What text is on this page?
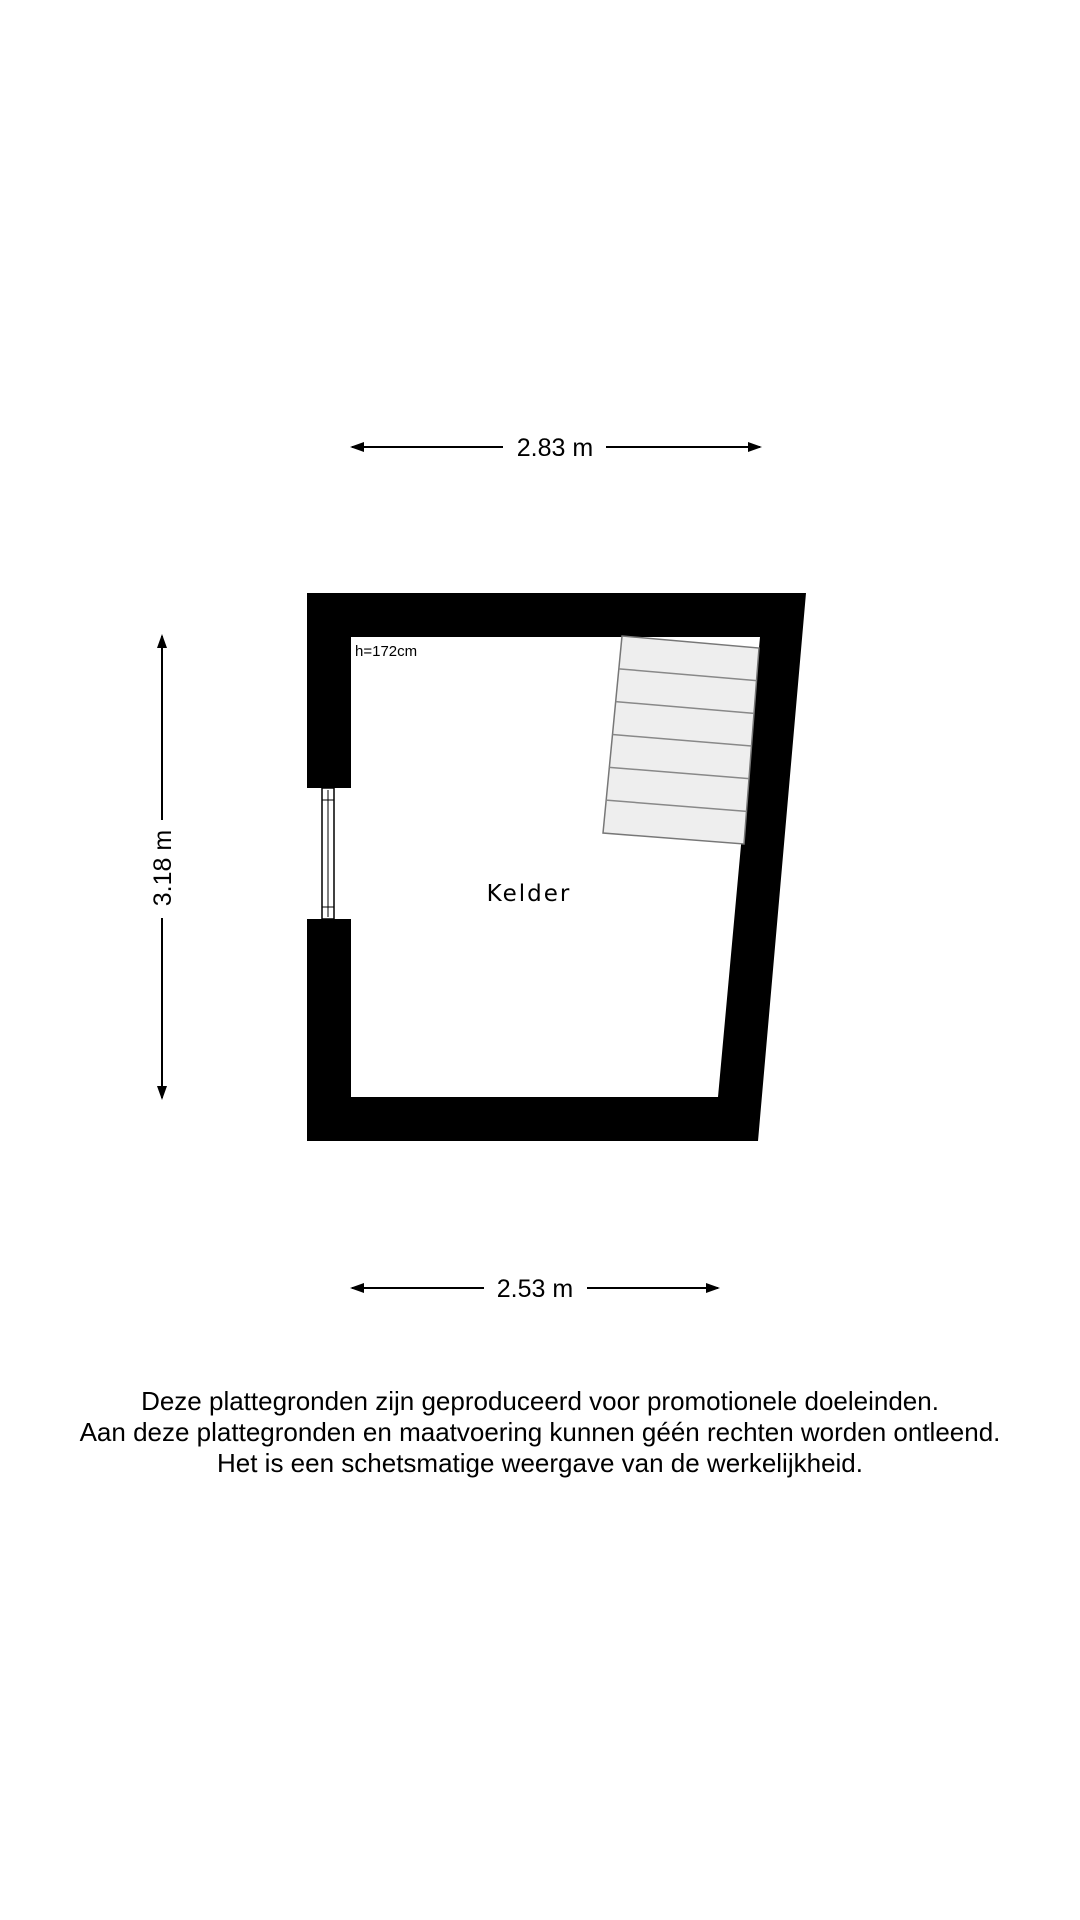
2.83 m
3.18 m
2.53 m
h=172cm
Kelder
Deze plattegronden zijn geproduceerd voor promotionele doeleinden.
Aan deze plattegronden en maatvoering kunnen géén rechten worden ontleend.
Het is een schetsmatige weergave van de werkelijkheid.
